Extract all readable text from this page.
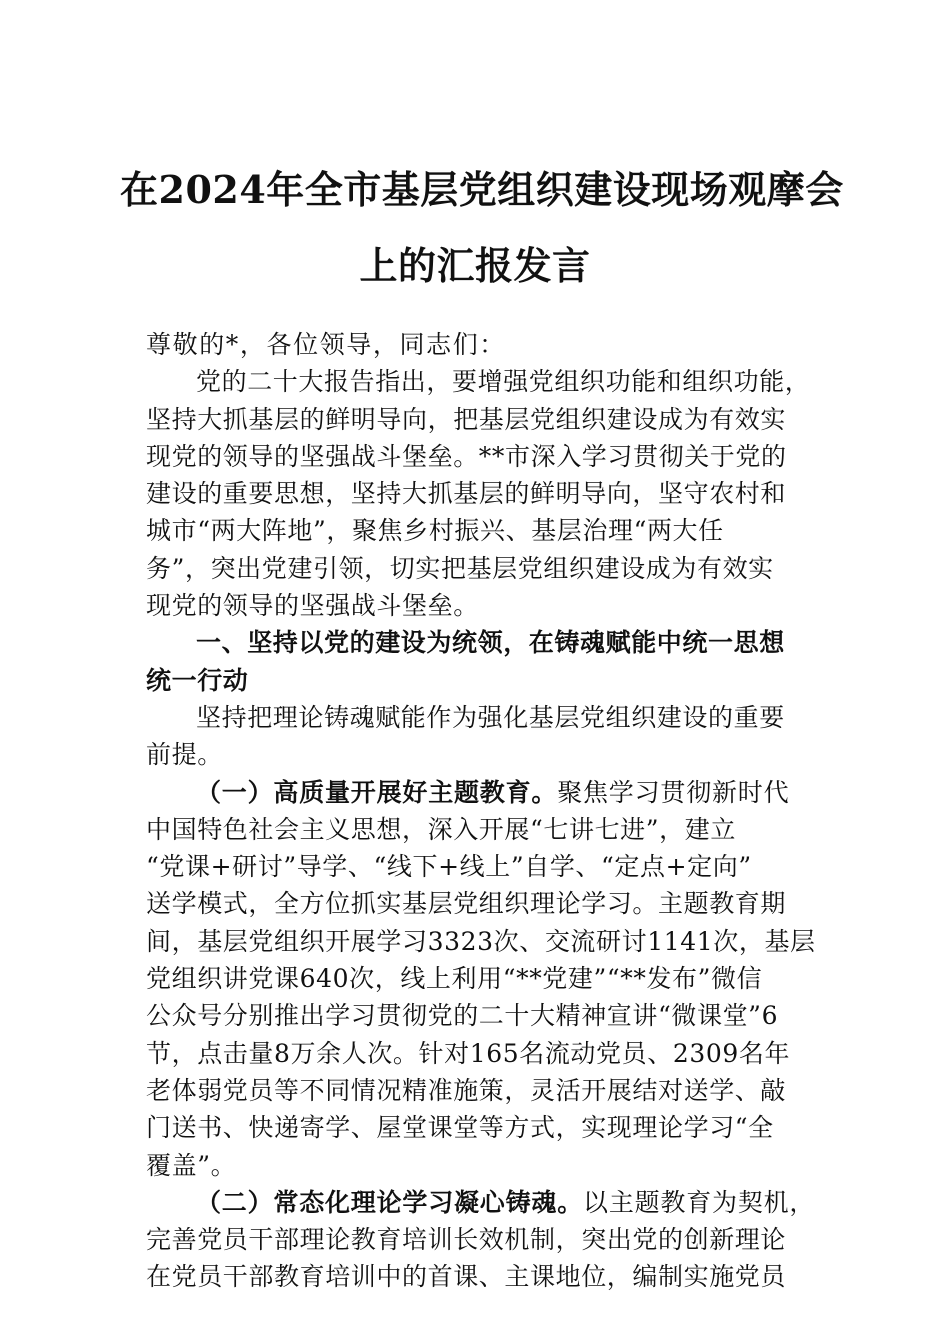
在2024年全市基层党组织建设现场观摩会
上的汇报发言
尊敬的*，各位领导，同志们：
党的二十大报告指出，要增强党组织功能和组织功能，
坚持大抓基层的鲜明导向，把基层党组织建设成为有效实
现党的领导的坚强战斗堡垒。**市深入学习贯彻关于党的
建设的重要思想，坚持大抓基层的鲜明导向，坚守农村和
城市“两大阵地”，聚焦乡村振兴、基层治理“两大任
务”，突出党建引领，切实把基层党组织建设成为有效实
现党的领导的坚强战斗堡垒。
一、坚持以党的建设为统领，在铸魂赋能中统一思想
统一行动
坚持把理论铸魂赋能作为强化基层党组织建设的重要
前提。
（一）高质量开展好主题教育。聚焦学习贯彻新时代
中国特色社会主义思想，深入开展“七讲七进”，建立
“党课+研讨”导学、“线下+线上”自学、“定点+定向”
送学模式，全方位抓实基层党组织理论学习。主题教育期
间，基层党组织开展学习3323次、交流研讨1141次，基层
党组织讲党课640次，线上利用“**党建”“**发布”微信
公众号分别推出学习贯彻党的二十大精神宣讲“微课堂”6
节，点击量8万余人次。针对165名流动党员、2309名年
老体弱党员等不同情况精准施策，灵活开展结对送学、敲
门送书、快递寄学、屋堂课堂等方式，实现理论学习“全
覆盖”。
（二）常态化理论学习凝心铸魂。以主题教育为契机，
完善党员干部理论教育培训长效机制，突出党的创新理论
在党员干部教育培训中的首课、主课地位，编制实施党员
